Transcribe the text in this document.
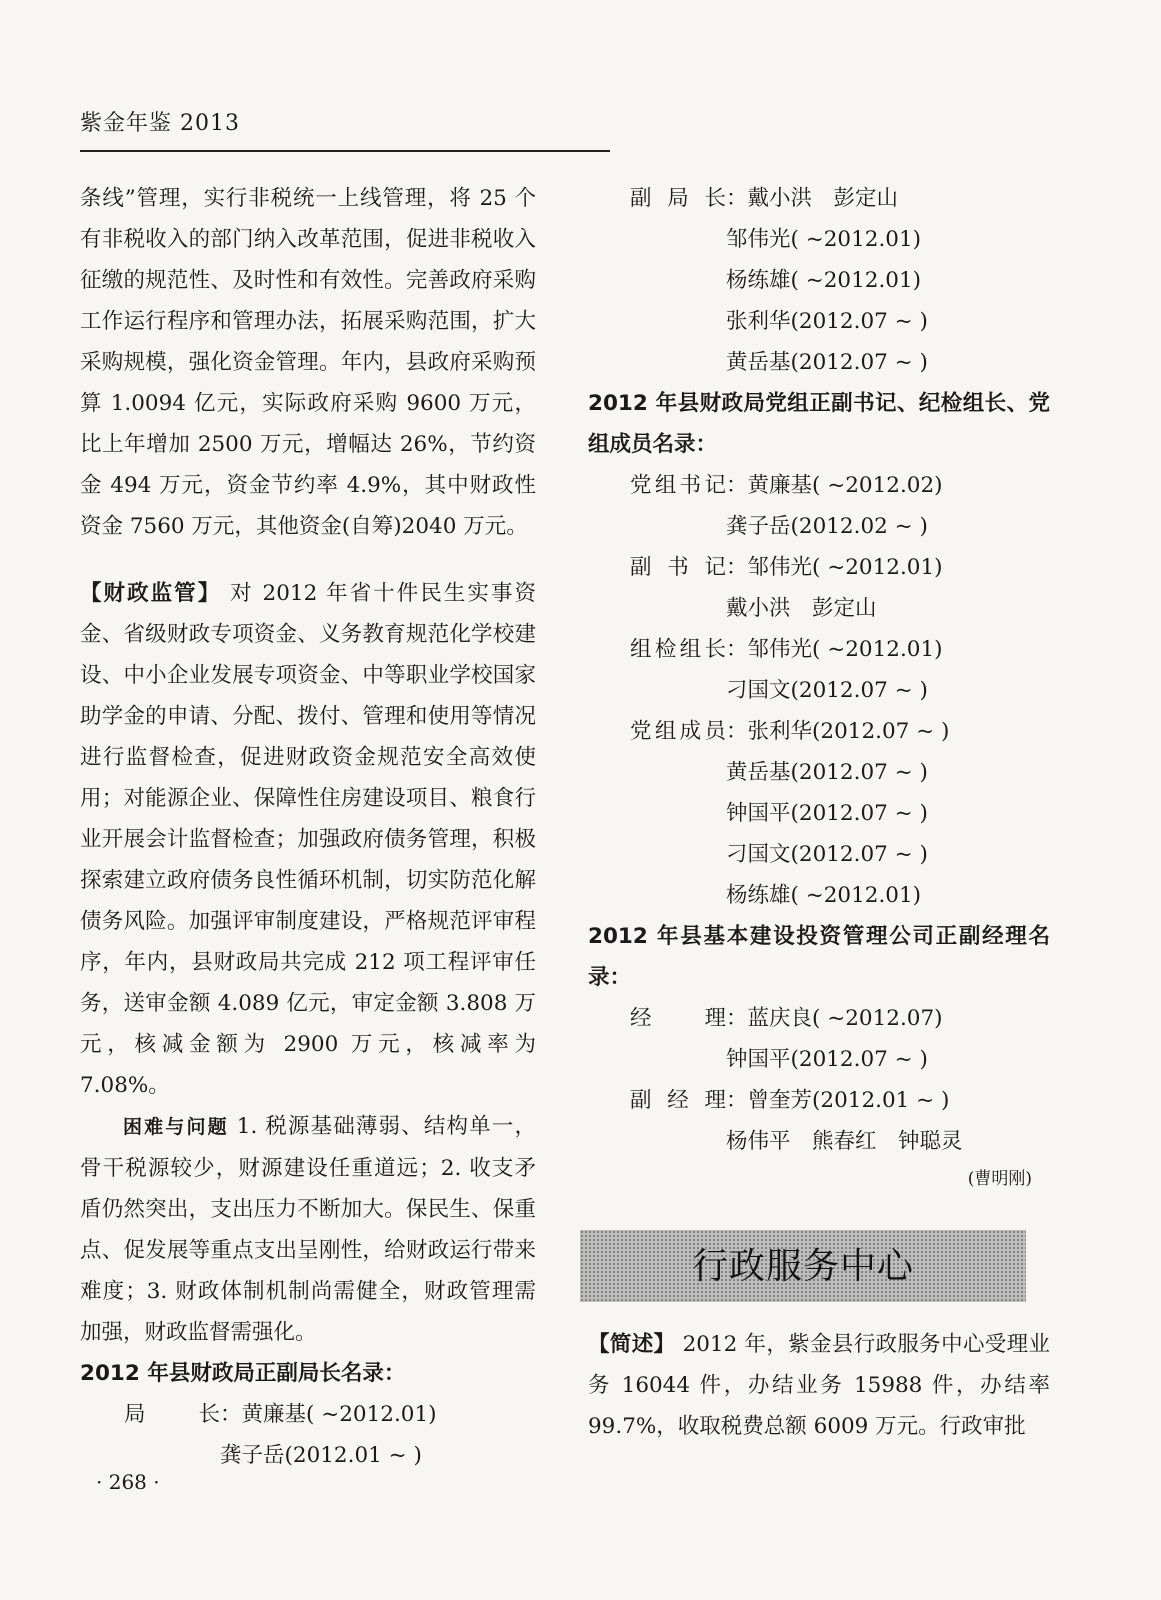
紫金年鉴 2013

条线”管理，实行非税统一上线管理，将 25 个有非税收入的部门纳入改革范围，促进非税收入征缴的规范性、及时性和有效性。完善政府采购工作运行程序和管理办法，拓展采购范围，扩大采购规模，强化资金管理。年内，县政府采购预算 1.0094 亿元，实际政府采购 9600 万元，比上年增加 2500 万元，增幅达 26%，节约资金 494 万元，资金节约率 4.9%，其中财政性资金 7560 万元，其他资金(自筹)2040 万元。

【财政监管】 对 2012 年省十件民生实事资金、省级财政专项资金、义务教育规范化学校建设、中小企业发展专项资金、中等职业学校国家助学金的申请、分配、拨付、管理和使用等情况进行监督检查，促进财政资金规范安全高效使用；对能源企业、保障性住房建设项目、粮食行业开展会计监督检查；加强政府债务管理，积极探索建立政府债务良性循环机制，切实防范化解债务风险。加强评审制度建设，严格规范评审程序，年内，县财政局共完成 212 项工程评审任务，送审金额 4.089 亿元，审定金额 3.808 万元，核减金额为 2900 万元，核减率为 7.08%。

困难与问题 1. 税源基础薄弱、结构单一，骨干税源较少，财源建设任重道远；2. 收支矛盾仍然突出，支出压力不断加大。保民生、保重点、促发展等重点支出呈刚性，给财政运行带来难度；3. 财政体制机制尚需健全，财政管理需加强，财政监督需强化。

2012 年县财政局正副局长名录：

局长 ： 黄廉基( ~2012.01)
龚子岳(2012.01 ~ )
副局长 ： 戴小洪　彭定山
邹伟光( ~2012.01)
杨练雄( ~2012.01)
张利华(2012.07 ~ )
黄岳基(2012.07 ~ )

2012 年县财政局党组正副书记、纪检组长、党组成员名录：

党组书记 ： 黄廉基( ~2012.02)
龚子岳(2012.02 ~ )
副书记 ： 邹伟光( ~2012.01)
戴小洪　彭定山
组检组长 ： 邹伟光( ~2012.01)
刁国文(2012.07 ~ )
党组成员 ： 张利华(2012.07 ~ )
黄岳基(2012.07 ~ )
钟国平(2012.07 ~ )
刁国文(2012.07 ~ )
杨练雄( ~2012.01)

2012 年县基本建设投资管理公司正副经理名录：

经理 ： 蓝庆良( ~2012.07)
钟国平(2012.07 ~ )
副经理 ： 曾奎芳(2012.01 ~ )
杨伟平　熊春红　钟聪灵
(曹明刚)
行政服务中心

【简述】 2012 年，紫金县行政服务中心受理业务 16044 件，办结业务 15988 件，办结率 99.7%，收取税费总额 6009 万元。行政审批

· 268 ·
